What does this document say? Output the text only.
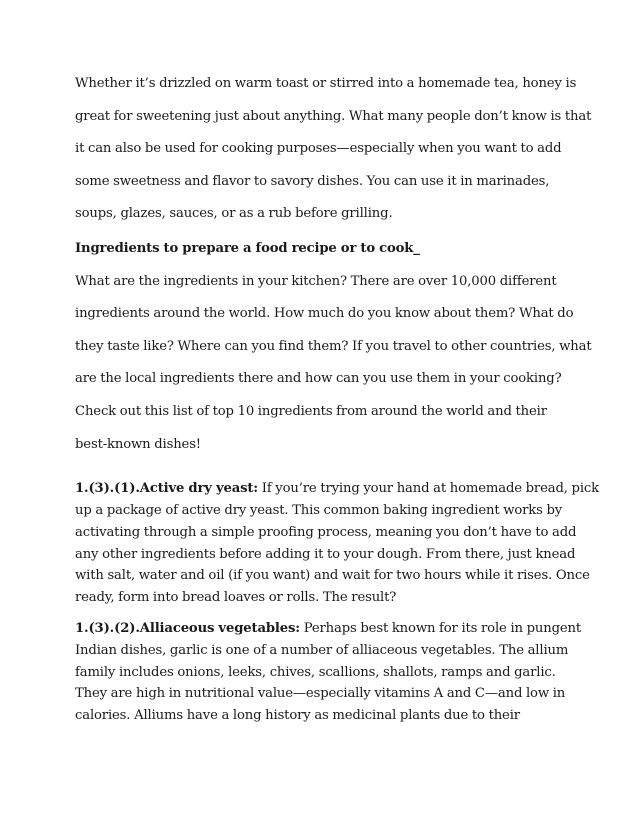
Whether it’s drizzled on warm toast or stirred into a homemade tea, honey is
great for sweetening just about anything. What many people don’t know is that
it can also be used for cooking purposes—especially when you want to add
some sweetness and flavor to savory dishes. You can use it in marinades,
soups, glazes, sauces, or as a rub before grilling.

Ingredients to prepare a food recipe or to cook_

What are the ingredients in your kitchen? There are over 10,000 different
ingredients around the world. How much do you know about them? What do
they taste like? Where can you find them? If you travel to other countries, what
are the local ingredients there and how can you use them in your cooking?
Check out this list of top 10 ingredients from around the world and their
best-known dishes!

1.(3).(1).Active dry yeast: If you’re trying your hand at homemade bread, pick
up a package of active dry yeast. This common baking ingredient works by
activating through a simple proofing process, meaning you don’t have to add
any other ingredients before adding it to your dough. From there, just knead
with salt, water and oil (if you want) and wait for two hours while it rises. Once
ready, form into bread loaves or rolls. The result?

1.(3).(2).Alliaceous vegetables: Perhaps best known for its role in pungent
Indian dishes, garlic is one of a number of alliaceous vegetables. The allium
family includes onions, leeks, chives, scallions, shallots, ramps and garlic.
They are high in nutritional value—especially vitamins A and C—and low in
calories. Alliums have a long history as medicinal plants due to their
